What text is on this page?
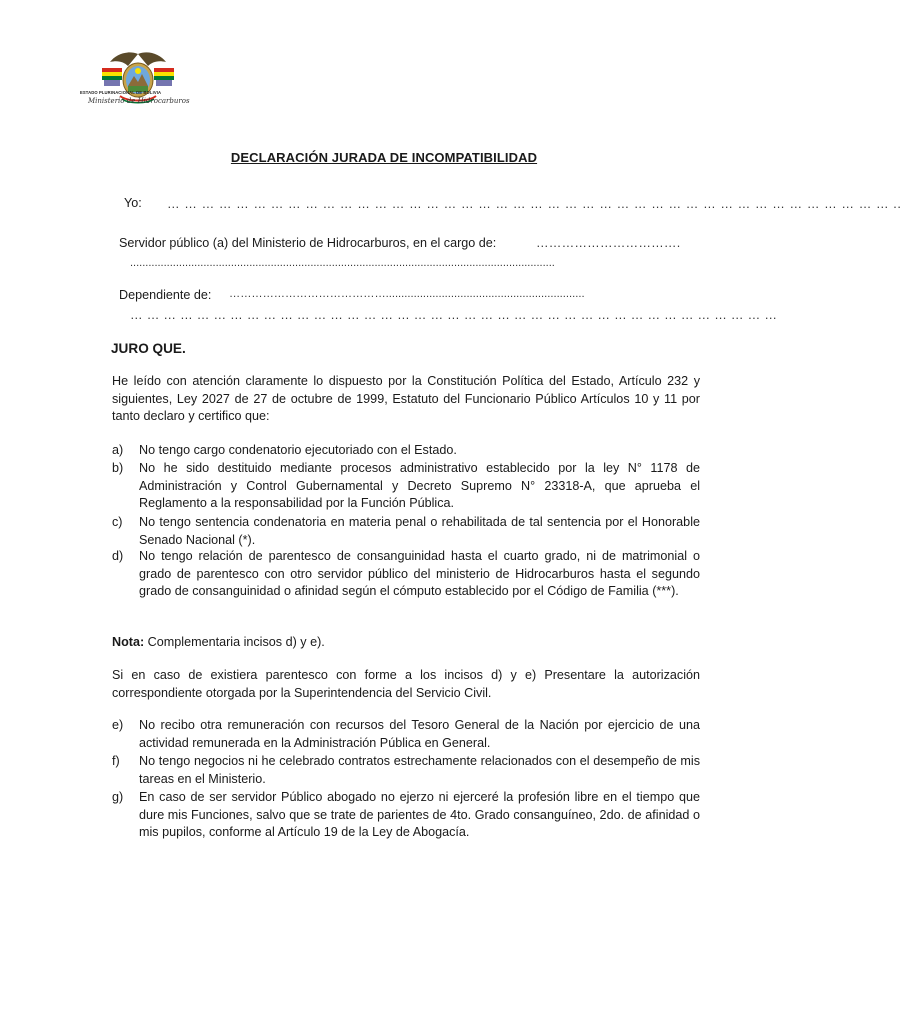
ESTADO PLURINACIONAL DE BOLIVIA
Ministerio de Hidrocarburos
DECLARACIÓN JURADA DE INCOMPATIBILIDAD
Yo: … … … … … … … … … … … … … … … … … … … … … … … … … … … … … … … … … … … … … … … … … … ..
Servidor público (a) del Ministerio de Hidrocarburos, en el cargo de:	…………………………….
...........................................................................................................................................
Dependiente de: ……………………………………................................................................
… … … … … … … … … … … … … … … … … … … … … … … … … … … … … … … … … … … … … … …
JURO QUE.
He leído con atención claramente lo dispuesto por la Constitución Política del Estado, Artículo 232 y siguientes, Ley 2027 de 27 de octubre de 1999, Estatuto del Funcionario Público Artículos 10 y 11 por tanto declaro y certifico que:
a)	No tengo cargo condenatorio ejecutoriado con el Estado.
b)	No he sido destituido mediante procesos administrativo establecido por la ley N° 1178 de Administración y Control Gubernamental y Decreto Supremo N° 23318-A, que aprueba el Reglamento a la responsabilidad por la Función Pública.
c)	No tengo sentencia condenatoria en materia penal o rehabilitada de tal sentencia por el Honorable Senado Nacional (*).
d)	No tengo relación de parentesco de consanguinidad hasta el cuarto grado, ni de matrimonial o grado de parentesco con otro servidor público del ministerio de Hidrocarburos hasta el segundo grado de consanguinidad o afinidad según el cómputo establecido por el Código de Familia (***).
Nota: Complementaria incisos d) y e).
Si en caso de existiera parentesco con forme a los incisos d) y e) Presentare la autorización correspondiente otorgada por la Superintendencia del Servicio Civil.
e)	No recibo otra remuneración con recursos del Tesoro General de la Nación por ejercicio de una actividad remunerada en la Administración Pública en General.
f)	No tengo negocios ni he celebrado contratos estrechamente relacionados con el desempeño de mis tareas en el Ministerio.
g)	En caso de ser servidor Público abogado no ejerzo ni ejerceré la profesión libre en el tiempo que dure mis Funciones, salvo que se trate de parientes de 4to. Grado consanguíneo, 2do. de afinidad o mis pupilos, conforme al Artículo 19 de la Ley de Abogacía.
